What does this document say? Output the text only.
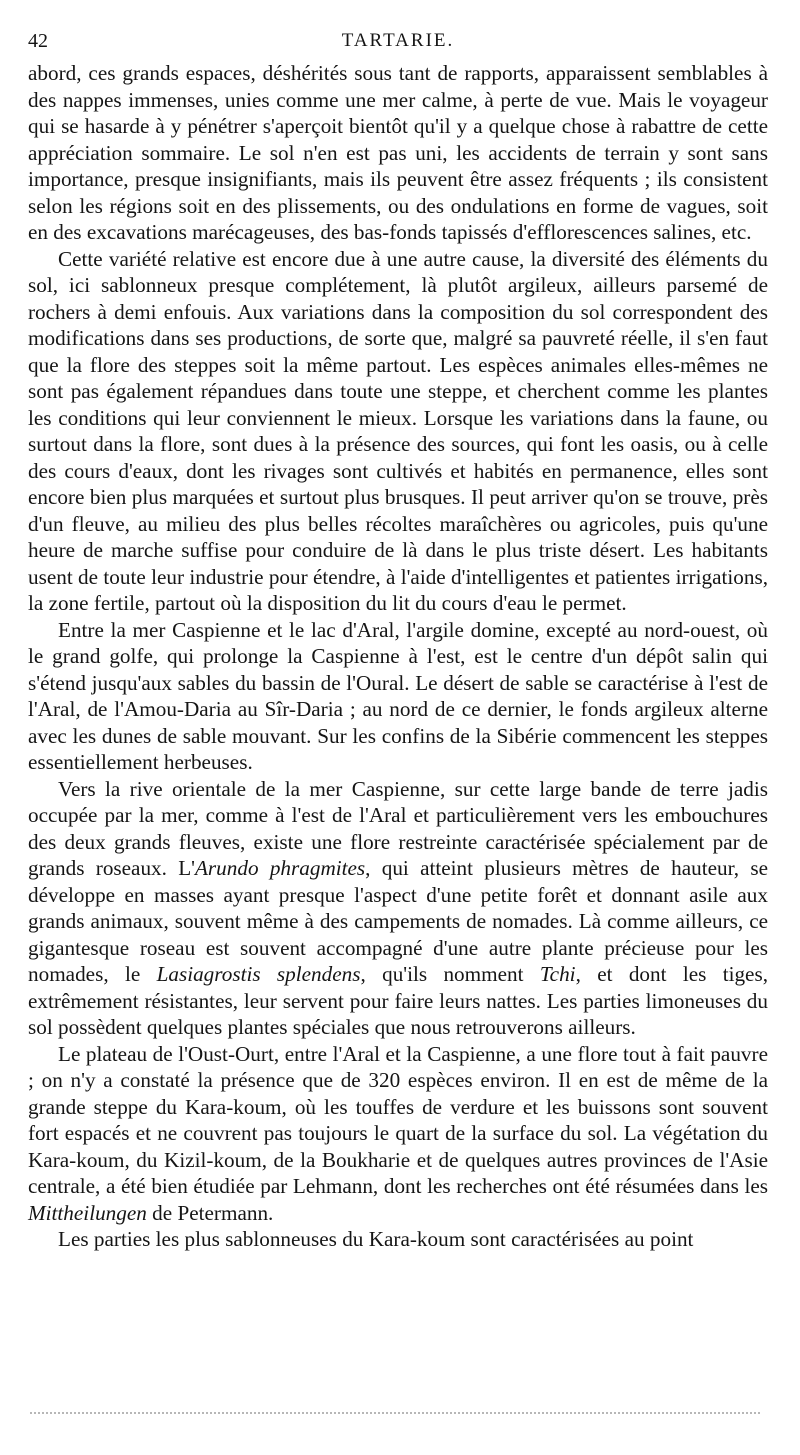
42	TARTARIE.

abord, ces grands espaces, déshérités sous tant de rapports, apparaissent semblables à des nappes immenses, unies comme une mer calme, à perte de vue. Mais le voyageur qui se hasarde à y pénétrer s'aperçoit bientôt qu'il y a quelque chose à rabattre de cette appréciation sommaire. Le sol n'en est pas uni, les accidents de terrain y sont sans importance, presque insignifiants, mais ils peuvent être assez fréquents ; ils consistent selon les régions soit en des plissements, ou des ondulations en forme de vagues, soit en des excavations marécageuses, des bas-fonds tapissés d'efflorescences salines, etc.

Cette variété relative est encore due à une autre cause, la diversité des éléments du sol, ici sablonneux presque complétement, là plutôt argileux, ailleurs parsemé de rochers à demi enfouis. Aux variations dans la composition du sol correspondent des modifications dans ses productions, de sorte que, malgré sa pauvreté réelle, il s'en faut que la flore des steppes soit la même partout. Les espèces animales elles-mêmes ne sont pas également répandues dans toute une steppe, et cherchent comme les plantes les conditions qui leur conviennent le mieux. Lorsque les variations dans la faune, ou surtout dans la flore, sont dues à la présence des sources, qui font les oasis, ou à celle des cours d'eaux, dont les rivages sont cultivés et habités en permanence, elles sont encore bien plus marquées et surtout plus brusques. Il peut arriver qu'on se trouve, près d'un fleuve, au milieu des plus belles récoltes maraîchères ou agricoles, puis qu'une heure de marche suffise pour conduire de là dans le plus triste désert. Les habitants usent de toute leur industrie pour étendre, à l'aide d'intelligentes et patientes irrigations, la zone fertile, partout où la disposition du lit du cours d'eau le permet.

Entre la mer Caspienne et le lac d'Aral, l'argile domine, excepté au nord-ouest, où le grand golfe, qui prolonge la Caspienne à l'est, est le centre d'un dépôt salin qui s'étend jusqu'aux sables du bassin de l'Oural. Le désert de sable se caractérise à l'est de l'Aral, de l'Amou-Daria au Sîr-Daria ; au nord de ce dernier, le fonds argileux alterne avec les dunes de sable mouvant. Sur les confins de la Sibérie commencent les steppes essentiellement herbeuses.

Vers la rive orientale de la mer Caspienne, sur cette large bande de terre jadis occupée par la mer, comme à l'est de l'Aral et particulièrement vers les embouchures des deux grands fleuves, existe une flore restreinte caractérisée spécialement par de grands roseaux. L'Arundo phragmites, qui atteint plusieurs mètres de hauteur, se développe en masses ayant presque l'aspect d'une petite forêt et donnant asile aux grands animaux, souvent même à des campements de nomades. Là comme ailleurs, ce gigantesque roseau est souvent accompagné d'une autre plante précieuse pour les nomades, le Lasiagrostis splendens, qu'ils nomment Tchi, et dont les tiges, extrêmement résistantes, leur servent pour faire leurs nattes. Les parties limoneuses du sol possèdent quelques plantes spéciales que nous retrouverons ailleurs.

Le plateau de l'Oust-Ourt, entre l'Aral et la Caspienne, a une flore tout à fait pauvre ; on n'y a constaté la présence que de 320 espèces environ. Il en est de même de la grande steppe du Kara-koum, où les touffes de verdure et les buissons sont souvent fort espacés et ne couvrent pas toujours le quart de la surface du sol. La végétation du Kara-koum, du Kizil-koum, de la Boukharie et de quelques autres provinces de l'Asie centrale, a été bien étudiée par Lehmann, dont les recherches ont été résumées dans les Mittheilungen de Petermann.

Les parties les plus sablonneuses du Kara-koum sont caractérisées au point
